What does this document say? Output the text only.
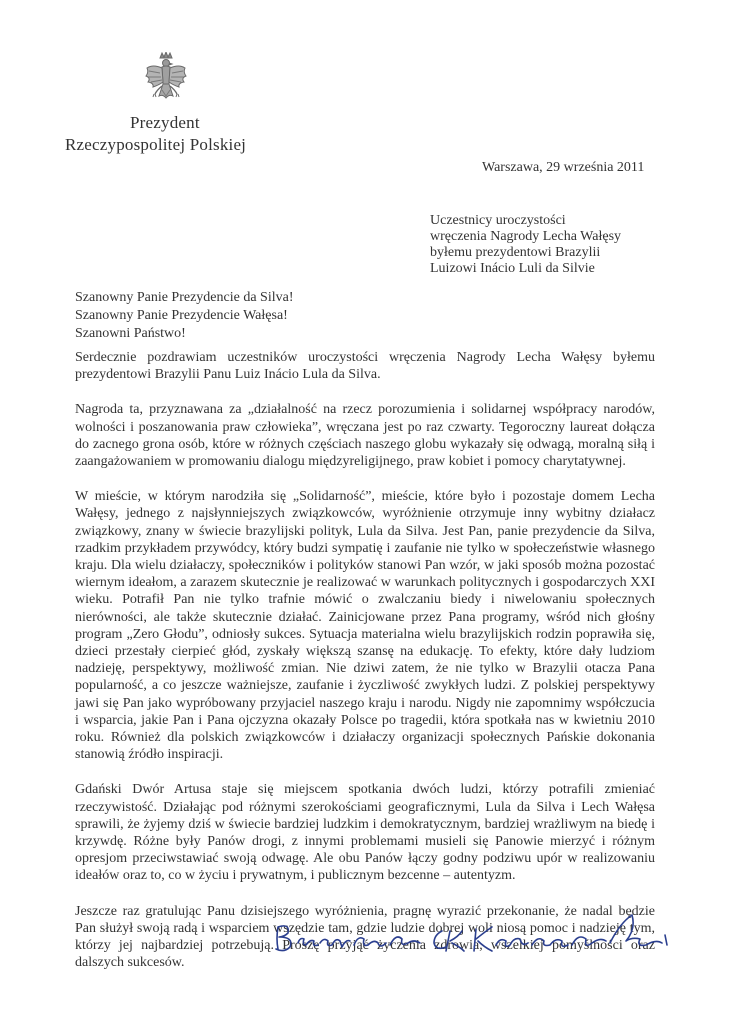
Prezydent
Rzeczypospolitej Polskiej
Warszawa, 29 września 2011
Uczestnicy uroczystości
wręczenia Nagrody Lecha Wałęsy
byłemu prezydentowi Brazylii
Luizowi Inácio Luli da Silvie
Szanowny Panie Prezydencie da Silva!
Szanowny Panie Prezydencie Wałęsa!
Szanowni Państwo!

Serdecznie pozdrawiam uczestników uroczystości wręczenia Nagrody Lecha Wałęsy byłemu prezydentowi Brazylii Panu Luiz Inácio Lula da Silva.

Nagroda ta, przyznawana za „działalność na rzecz porozumienia i solidarnej współpracy narodów, wolności i poszanowania praw człowieka”, wręczana jest po raz czwarty. Tegoroczny laureat dołącza do zacnego grona osób, które w różnych częściach naszego globu wykazały się odwagą, moralną siłą i zaangażowaniem w promowaniu dialogu międzyreligijnego, praw kobiet i pomocy charytatywnej.

W mieście, w którym narodziła się „Solidarność”, mieście, które było i pozostaje domem Lecha Wałęsy, jednego z najsłynniejszych związkowców, wyróżnienie otrzymuje inny wybitny działacz związkowy, znany w świecie brazylijski polityk, Lula da Silva. Jest Pan, panie prezydencie da Silva, rzadkim przykładem przywódcy, który budzi sympatię i zaufanie nie tylko w społeczeństwie własnego kraju. Dla wielu działaczy, społeczników i polityków stanowi Pan wzór, w jaki sposób można pozostać wiernym ideałom, a zarazem skutecznie je realizować w warunkach politycznych i gospodarczych XXI wieku. Potrafił Pan nie tylko trafnie mówić o zwalczaniu biedy i niwelowaniu społecznych nierówności, ale także skutecznie działać. Zainicjowane przez Pana programy, wśród nich głośny program „Zero Głodu”, odniosły sukces. Sytuacja materialna wielu brazylijskich rodzin poprawiła się, dzieci przestały cierpieć głód, zyskały większą szansę na edukację. To efekty, które dały ludziom nadzieję, perspektywy, możliwość zmian. Nie dziwi zatem, że nie tylko w Brazylii otacza Pana popularność, a co jeszcze ważniejsze, zaufanie i życzliwość zwykłych ludzi. Z polskiej perspektywy jawi się Pan jako wypróbowany przyjaciel naszego kraju i narodu. Nigdy nie zapomnimy współczucia i wsparcia, jakie Pan i Pana ojczyzna okazały Polsce po tragedii, która spotkała nas w kwietniu 2010 roku. Również dla polskich związkowców i działaczy organizacji społecznych Pańskie dokonania stanowią źródło inspiracji.

Gdański Dwór Artusa staje się miejscem spotkania dwóch ludzi, którzy potrafili zmieniać rzeczywistość. Działając pod różnymi szerokościami geograficznymi, Lula da Silva i Lech Wałęsa sprawili, że żyjemy dziś w świecie bardziej ludzkim i demokratycznym, bardziej wrażliwym na biedę i krzywdę. Różne były Panów drogi, z innymi problemami musieli się Panowie mierzyć i różnym opresjom przeciwstawiać swoją odwagę. Ale obu Panów łączy godny podziwu upór w realizowaniu ideałów oraz to, co w życiu i prywatnym, i publicznym bezcenne – autentyzm.

Jeszcze raz gratulując Panu dzisiejszego wyróżnienia, pragnę wyrazić przekonanie, że nadal będzie Pan służył swoją radą i wsparciem wszędzie tam, gdzie ludzie dobrej woli niosą pomoc i nadzieję tym, którzy jej najbardziej potrzebują. Proszę przyjąć życzenia zdrowia, wszelkiej pomyślności oraz dalszych sukcesów.
